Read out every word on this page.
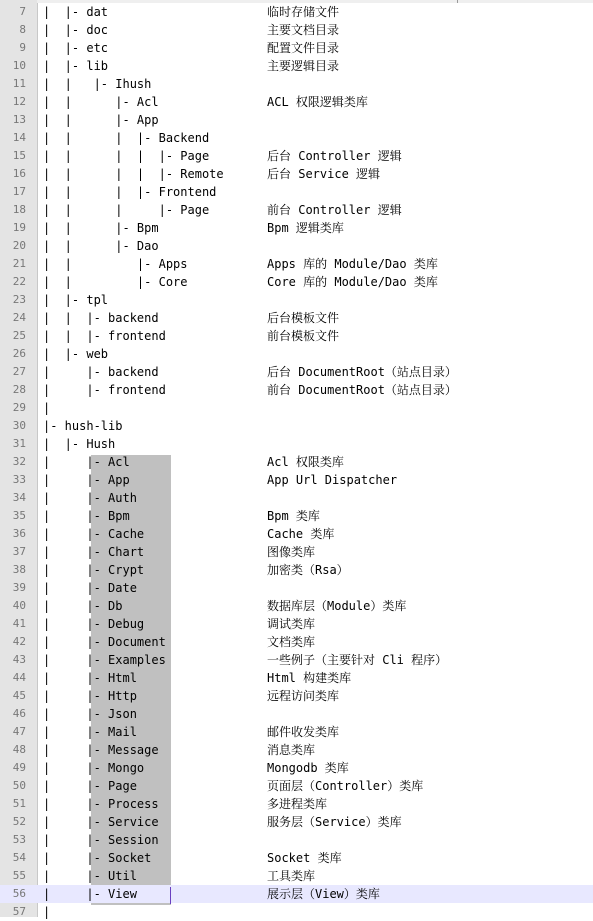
7 |  |- dat	临时存储文件
8 |  |- doc	主要文档目录
9 |  |- etc	配置文件目录
10 |  |- lib	主要逻辑目录
11 |  |   |- Ihush
12 |  |      |- Acl	ACL 权限逻辑类库
13 |  |      |- App
14 |  |      |  |- Backend
15 |  |      |  |  |- Page	后台 Controller 逻辑
16 |  |      |  |  |- Remote	后台 Service 逻辑
17 |  |      |  |- Frontend
18 |  |      |     |- Page	前台 Controller 逻辑
19 |  |      |- Bpm	Bpm 逻辑类库
20 |  |      |- Dao
21 |  |         |- Apps	Apps 库的 Module/Dao 类库
22 |  |         |- Core	Core 库的 Module/Dao 类库
23 |  |- tpl
24 |  |  |- backend	后台模板文件
25 |  |  |- frontend	前台模板文件
26 |  |- web
27 |     |- backend	后台 DocumentRoot（站点目录）
28 |     |- frontend	前台 DocumentRoot（站点目录）
29 |
30 |- hush-lib
31 |  |- Hush
32 |     |- Acl	Acl 权限类库
33 |     |- App	App Url Dispatcher
34 |     |- Auth
35 |     |- Bpm	Bpm 类库
36 |     |- Cache	Cache 类库
37 |     |- Chart	图像类库
38 |     |- Crypt	加密类（Rsa）
39 |     |- Date
40 |     |- Db	数据库层（Module）类库
41 |     |- Debug	调试类库
42 |     |- Document	文档类库
43 |     |- Examples	一些例子（主要针对 Cli 程序）
44 |     |- Html	Html 构建类库
45 |     |- Http	远程访问类库
46 |     |- Json
47 |     |- Mail	邮件收发类库
48 |     |- Message	消息类库
49 |     |- Mongo	Mongodb 类库
50 |     |- Page	页面层（Controller）类库
51 |     |- Process	多进程类库
52 |     |- Service	服务层（Service）类库
53 |     |- Session
54 |     |- Socket	Socket 类库
55 |     |- Util	工具类库
56 |     |- View	展示层（View）类库
57 |
